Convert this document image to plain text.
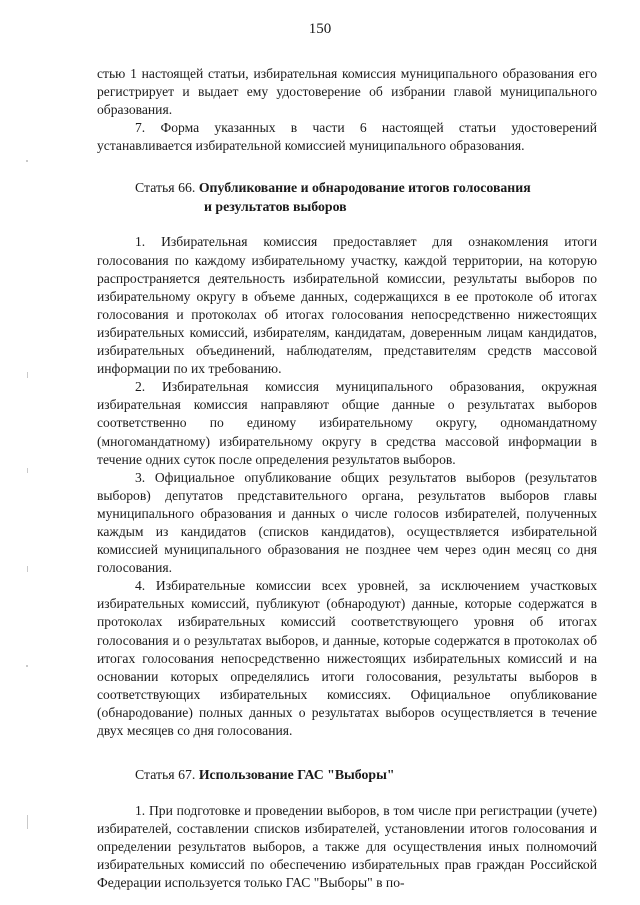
150

стью 1 настоящей статьи, избирательная комиссия муниципального образования его регистрирует и выдает ему удостоверение об избрании главой муниципального образования.

7. Форма указанных в части 6 настоящей статьи удостоверений устанавливается избирательной комиссией муниципального образования.

Статья 66. Опубликование и обнародование итогов голосования
и результатов выборов

1. Избирательная комиссия предоставляет для ознакомления итоги голосования по каждому избирательному участку, каждой территории, на которую распространяется деятельность избирательной комиссии, результаты выборов по избирательному округу в объеме данных, содержащихся в ее протоколе об итогах голосования и протоколах об итогах голосования непосредственно нижестоящих избирательных комиссий, избирателям, кандидатам, доверенным лицам кандидатов, избирательных объединений, наблюдателям, представителям средств массовой информации по их требованию.

2. Избирательная комиссия муниципального образования, окружная избирательная комиссия направляют общие данные о результатах выборов соответственно по единому избирательному округу, одномандатному (многомандатному) избирательному округу в средства массовой информации в течение одних суток после определения результатов выборов.

3. Официальное опубликование общих результатов выборов (результатов выборов) депутатов представительного органа, результатов выборов главы муниципального образования и данных о числе голосов избирателей, полученных каждым из кандидатов (списков кандидатов), осуществляется избирательной комиссией муниципального образования не позднее чем через один месяц со дня голосования.

4. Избирательные комиссии всех уровней, за исключением участковых избирательных комиссий, публикуют (обнародуют) данные, которые содержатся в протоколах избирательных комиссий соответствующего уровня об итогах голосования и о результатах выборов, и данные, которые содержатся в протоколах об итогах голосования непосредственно нижестоящих избирательных комиссий и на основании которых определялись итоги голосования, результаты выборов в соответствующих избирательных комиссиях. Официальное опубликование (обнародование) полных данных о результатах выборов осуществляется в течение двух месяцев со дня голосования.

Статья 67. Использование ГАС "Выборы"

1. При подготовке и проведении выборов, в том числе при регистрации (учете) избирателей, составлении списков избирателей, установлении итогов голосования и определении результатов выборов, а также для осуществления иных полномочий избирательных комиссий по обеспечению избирательных прав граждан Российской Федерации используется только ГАС "Выборы" в по-
